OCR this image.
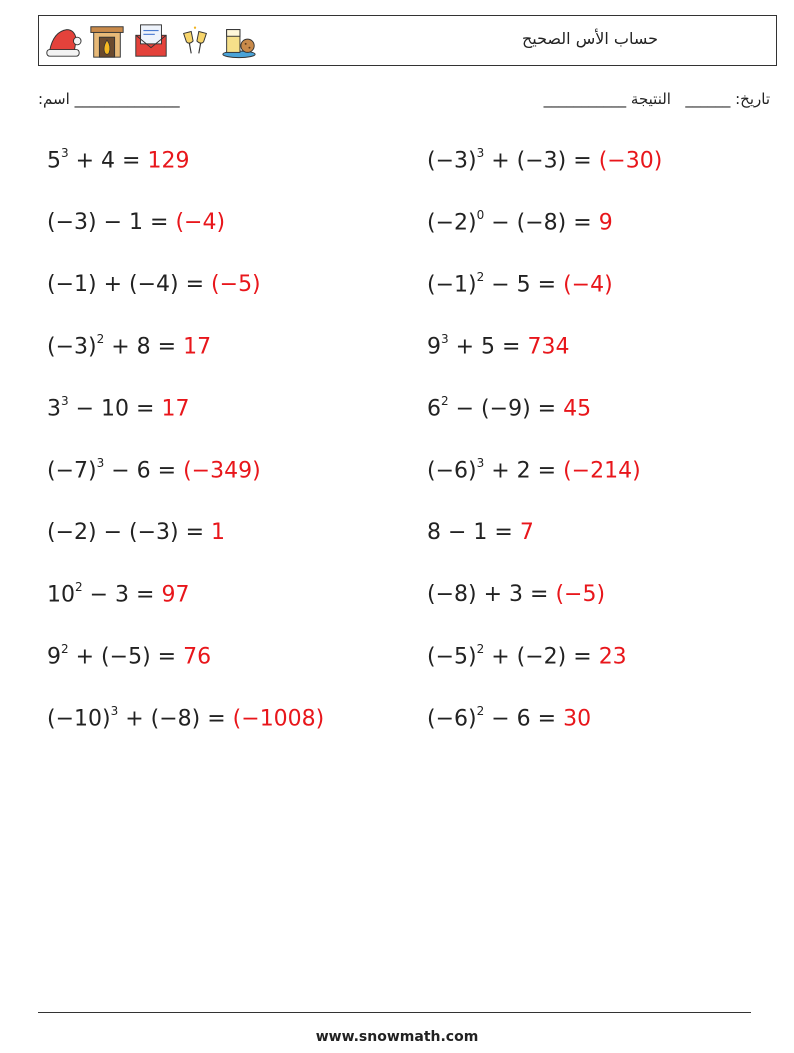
حساب الأس الصحيح
تاريخ: ______   النتيجة ___________
______________ اسم:
$5^3 + 4 = 129$	$(-3)^3 + (-3) = (-30)$
(−3) − 1 = (−4)	$(-2)^0 - (-8) = 9$
(−1) + (−4) = (−5)	$(-1)^2 - 5 = (-4)$
$(-3)^2 + 8 = 17$	$9^3 + 5 = 734$
$3^3 - 10 = 17$	$6^2 - (-9) = 45$
$(-7)^3 - 6 = (-349)$	$(-6)^3 + 2 = (-214)$
(−2) − (−3) = 1	8 − 1 = 7
$10^2 - 3 = 97$	(−8) + 3 = (−5)
$9^2 + (-5) = 76$	$(-5)^2 + (-2) = 23$
$(-10)^3 + (-8) = (-1008)$	$(-6)^2 - 6 = 30$
www.snowmath.com
